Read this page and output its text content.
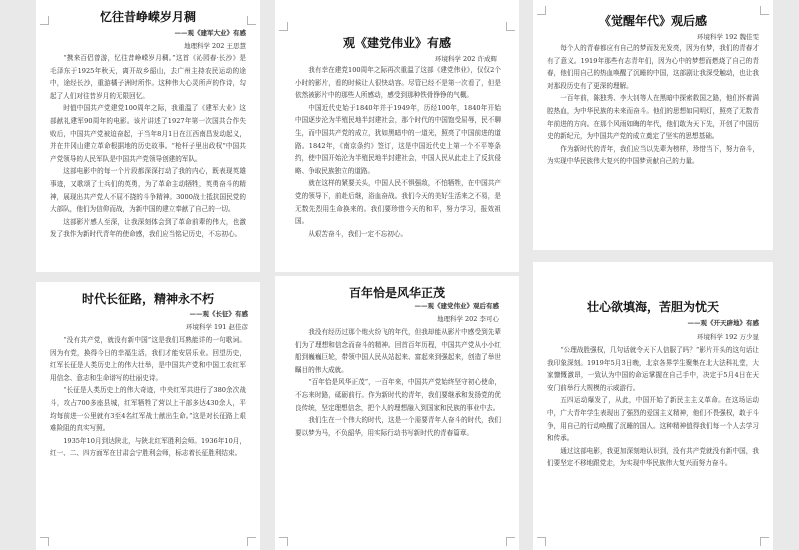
忆往昔峥嵘岁月稠
——观《建军大业》有感
地理科学 202 王思慧

“携来百侣曾游，忆往昔峥嵘岁月稠。”这首《沁园春·长沙》是毛泽东于1925年秋天，离开故乡韶山，去广州主持农民运动的途中，途经长沙，重游橘子洲时所作。这种伟大心灵所声的作诗，勾起了人们对往昔岁月的无限回忆。

时值中国共产党建党100周年之际，我重温了《建军大业》这部献礼建军90周年的电影。该片讲述了1927年第一次国共合作失败后，中国共产党被迫奋起，于当年8月1日在江西南昌发动起义，并在井冈山建立革命根据地的历史故事。“枪杆子里出政权”中国共产党领导的人民军队是中国共产党领导创建的军队。

这部电影中的每一个片段都深深打动了我的内心，既表现英雄事迹，又歌颂了士兵们的英勇，为了革命主动牺牲，英勇奋斗的精神，展现出共产党人不屈不挠的斗争精神。3000战士抵抗国民党的大部队，他们为信仰而战，为新中国的建立奉献了自己的一切。

这部影片感人至深，让我深刻体会到了革命前辈的伟大，也激发了我作为新时代青年的使命感，我们应当铭记历史，不忘初心。

观《建党伟业》有感
环境科学 202 许成辉

我有幸在建党100周年之际再次重温了这部《建党伟业》，仅仅2个小时的影片，看的时候让人很快动容。尽管已经不是第一次看了，但是依然被影片中的那些人所感动，感受到那种铁骨铮铮的气概。

中国近代史始于1840年并于1949年，历经100年，1840年开始中国逐步沦为半殖民地半封建社会，那个时代的中国饱受屈辱，民不聊生，而中国共产党的成立，犹如黑暗中的一道光，照亮了中国前进的道路。1842年，《南京条约》签订，这是中国近代史上第一个不平等条约，使中国开始沦为半殖民地半封建社会，中国人民从此走上了反抗侵略、争取民族独立的道路。

就在这样的紧要关头，中国人民不惧强敌，不怕牺牲，在中国共产党的领导下，前赴后继，浴血奋战。我们今天的美好生活来之不易，是无数先烈用生命换来的。我们要珍惜今天的和平，努力学习，报效祖国。

从艰苦奋斗，我们一定不忘初心。

《觉醒年代》观后感
环境科学 192 魏佳雯

每个人的青春都应有自己的梦而发光发亮，因为有梦，我们的青春才有了意义。1919年那些有志青年们，因为心中的梦想而燃烧了自己的青春，他们用自己的热血唤醒了沉睡的中国，这部剧让我深受触动，也让我对那段历史有了更深的理解。

一百年前，陈独秀、李大钊等人在黑暗中探索救国之路，他们怀着满腔热血，为中华民族的未来而奋斗。他们的思想如同明灯，照亮了无数青年前进的方向。在那个风雨如晦的年代，他们敢为天下先，开创了中国历史的新纪元，为中国共产党的成立奠定了坚实的思想基础。

作为新时代的青年，我们应当以先辈为榜样，珍惜当下，努力奋斗，为实现中华民族伟大复兴的中国梦贡献自己的力量。

时代长征路，精神永不朽
——观《长征》有感
环境科学 191 赵佳彦

“没有共产党，就没有新中国”这是我们耳熟能详的一句歌词。因为有党，换得今日的幸福生活，我们才能安居乐业。回望历史，红军长征是人类历史上的伟大壮举，是中国共产党和中国工农红军用信念、意志和生命谱写的壮丽史诗。

“长征是人类历史上的伟大奇迹，中央红军共进行了380余次战斗，攻占700多座县城，红军牺牲了营以上干部多达430余人，平均每前进一公里就有3至4名红军战士献出生命。”这是对长征路上艰难险阻的真实写照。

1935年10月到达陕北，与陕北红军胜利会师。1936年10月，红一、二、四方面军在甘肃会宁胜利会师，标志着长征胜利结束。

百年恰是风华正茂
——观《建党伟业》观后有感
地理科学 202 李可心

我没有经历过那个炮火纷飞的年代，但我却能从影片中感受到先辈们为了理想和信念而奋斗的精神。回首百年历程，中国共产党从小小红船到巍巍巨轮，带领中国人民从站起来、富起来到强起来，创造了举世瞩目的伟大成就。

“百年恰是风华正茂”，一百年来，中国共产党始终坚守初心使命，不忘来时路，砥砺前行。作为新时代的青年，我们要继承和发扬党的优良传统，坚定理想信念，把个人的理想融入到国家和民族的事业中去。

我们生在一个伟大的时代，这是一个需要青年人奋斗的时代，我们要以梦为马，不负韶华，用实际行动书写新时代的青春篇章。

壮心欲填海，苦胆为忧天
——观《开天辟地》有感
环境科学 192 万少显

“公理战胜强权，几句话就令天下人信服了吗？”影片开头的这句话让我印象深刻。1919年5月3日晚，北京各界学生聚集在北大法科礼堂，大家慷慨激昂，一致认为中国的命运掌握在自己手中，决定于5月4日在天安门前举行大规模的示威游行。

五四运动爆发了，从此，中国开始了新民主主义革命。在这场运动中，广大青年学生表现出了强烈的爱国主义精神，他们不畏强权，敢于斗争，用自己的行动唤醒了沉睡的国人。这种精神值得我们每一个人去学习和传承。

通过这部电影，我更加深刻地认识到，没有共产党就没有新中国，我们要坚定不移地跟党走，为实现中华民族伟大复兴而努力奋斗。
